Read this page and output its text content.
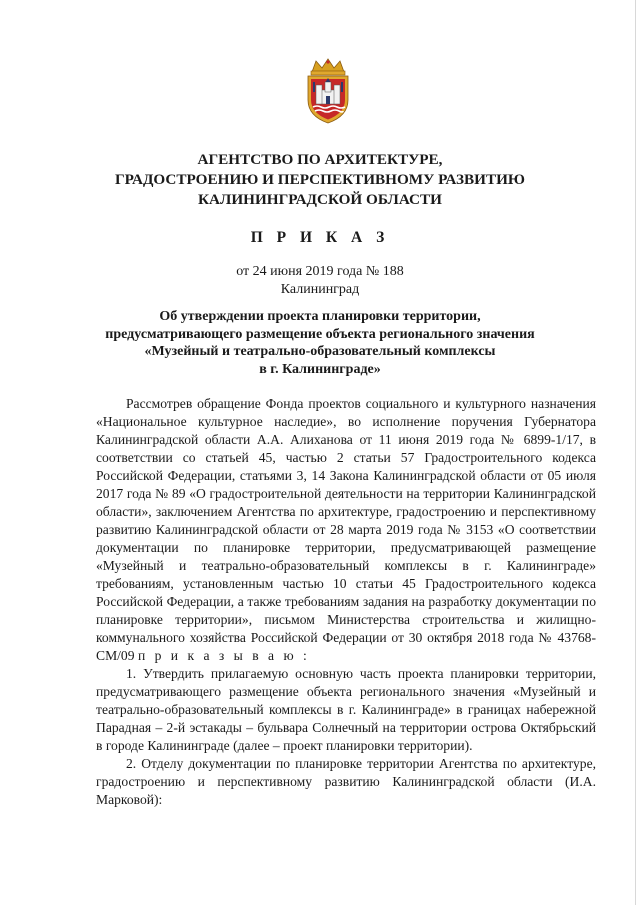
АГЕНТСТВО ПО АРХИТЕКТУРЕ,
ГРАДОСТРОЕНИЮ И ПЕРСПЕКТИВНОМУ РАЗВИТИЮ
КАЛИНИНГРАДСКОЙ ОБЛАСТИ
П Р И К А З
от 24 июня 2019 года № 188
Калининград
Об утверждении проекта планировки территории,
предусматривающего размещение объекта регионального значения
«Музейный и театрально-образовательный комплексы
в г. Калининграде»

Рассмотрев обращение Фонда проектов социального и культурного назначения «Национальное культурное наследие», во исполнение поручения Губернатора Калининградской области А.А. Алиханова от 11 июня 2019 года № 6899-1/17, в соответствии со статьей 45, частью 2 статьи 57 Градостроительного кодекса Российской Федерации, статьями 3, 14 Закона Калининградской области от 05 июля 2017 года № 89 «О градостроительной деятельности на территории Калининградской области», заключением Агентства по архитектуре, градостроению и перспективному развитию Калининградской области от 28 марта 2019 года № 3153 «О соответствии документации по планировке территории, предусматривающей размещение «Музейный и театрально-образовательный комплексы в г. Калининграде» требованиям, установленным частью 10 статьи 45 Градостроительного кодекса Российской Федерации, а также требованиям задания на разработку документации по планировке территории», письмом Министерства строительства и жилищно-коммунального хозяйства Российской Федерации от 30 октября 2018 года № 43768-СМ/09 п р и к а з ы в а ю :

1. Утвердить прилагаемую основную часть проекта планировки территории, предусматривающего размещение объекта регионального значения «Музейный и театрально-образовательный комплексы в г. Калининграде» в границах набережной Парадная – 2-й эстакады – бульвара Солнечный на территории острова Октябрьский в городе Калининграде (далее – проект планировки территории).

2. Отделу документации по планировке территории Агентства по архитектуре, градостроению и перспективному развитию Калининградской области (И.А. Марковой):
